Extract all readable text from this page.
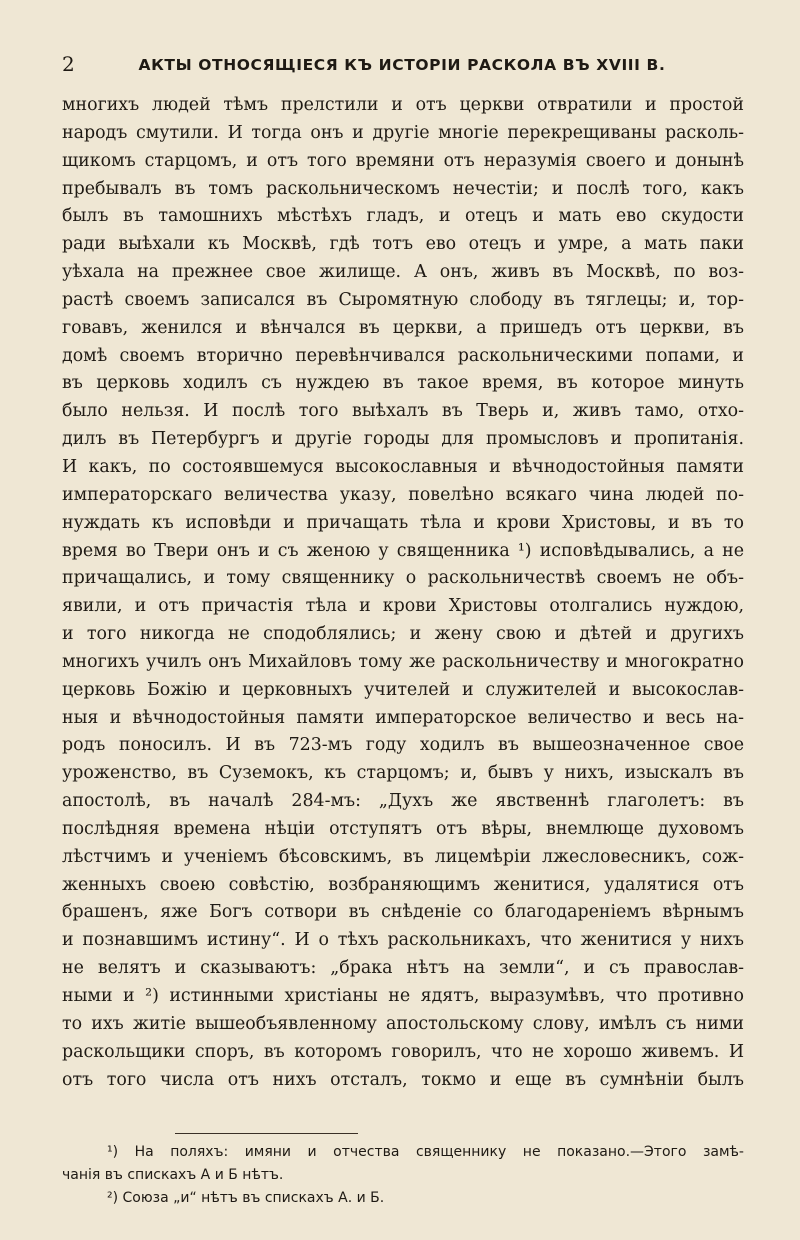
2	АКТЫ ОТНОСЯЩІЕСЯ КЪ ИСТОРІИ РАСКОЛА ВЪ XVIII В.
многихъ людей тѣмъ прелстили и отъ церкви отвратили и простой
народъ смутили. И тогда онъ и другіе многіе перекрещиваны расколь-
щикомъ старцомъ, и отъ того времяни отъ неразумія своего и донынѣ
пребывалъ въ томъ раскольническомъ нечестіи; и послѣ того, какъ
былъ въ тамошнихъ мѣстѣхъ гладъ, и отецъ и мать ево скудости
ради выѣхали къ Москвѣ, гдѣ тотъ ево отецъ и умре, а мать паки
уѣхала на прежнее свое жилище. А онъ, живъ въ Москвѣ, по воз-
растѣ своемъ записался въ Сыромятную слободу въ тяглецы; и, тор-
говавъ, женился и вѣнчался въ церкви, а пришедъ отъ церкви, въ
домѣ своемъ вторично перевѣнчивался раскольническими попами, и
въ церковь ходилъ съ нуждею въ такое время, въ которое минуть
было нельзя. И послѣ того выѣхалъ въ Тверь и, живъ тамо, отхо-
дилъ въ Петербургъ и другіе городы для промысловъ и пропитанія.
И какъ, по состоявшемуся высокославныя и вѣчнодостойныя памяти
императорскаго величества указу, повелѣно всякаго чина людей по-
нуждать къ исповѣди и причащать тѣла и крови Христовы, и въ то
время во Твери онъ и съ женою у священника ¹) исповѣдывались, а не
причащались, и тому священнику о раскольничествѣ своемъ не объ-
явили, и отъ причастія тѣла и крови Христовы отолгались нуждою,
и того никогда не сподоблялись; и жену свою и дѣтей и другихъ
многихъ училъ онъ Михайловъ тому же раскольничеству и многократно
церковь Божію и церковныхъ учителей и служителей и высокослав-
ныя и вѣчнодостойныя памяти императорское величество и весь на-
родъ поносилъ. И въ 723-мъ году ходилъ въ вышеозначенное свое
уроженство, въ Суземокъ, къ старцомъ; и, бывъ у нихъ, изыскалъ въ
апостолѣ, въ началѣ 284-мъ: „Духъ же явственнѣ глаголетъ: въ
послѣдняя времена нѣціи отступятъ отъ вѣры, внемлюще духовомъ
лѣстчимъ и ученіемъ бѣсовскимъ, въ лицемѣріи лжесловесникъ, сож-
женныхъ своею совѣстію, возбраняющимъ женитися, удалятися отъ
брашенъ, яже Богъ сотвори въ снѣденіе со благодареніемъ вѣрнымъ
и познавшимъ истину“. И о тѣхъ раскольникахъ, что женитися у нихъ
не велятъ и сказываютъ: „брака нѣтъ на земли“, и съ православ-
ными и ²) истинными христіаны не ядятъ, выразумѣвъ, что противно
то ихъ житіе вышеобъявленному апостольскому слову, имѣлъ съ ними
раскольщики споръ, въ которомъ говорилъ, что не хорошо живемъ. И
отъ того числа отъ нихъ отсталъ, токмо и еще въ сумнѣніи былъ
¹) На поляхъ: имяни и отчества священнику не показано.—Этого замѣ-
чанія въ спискахъ А и Б нѣтъ.
²) Союза „и“ нѣтъ въ спискахъ А. и Б.
